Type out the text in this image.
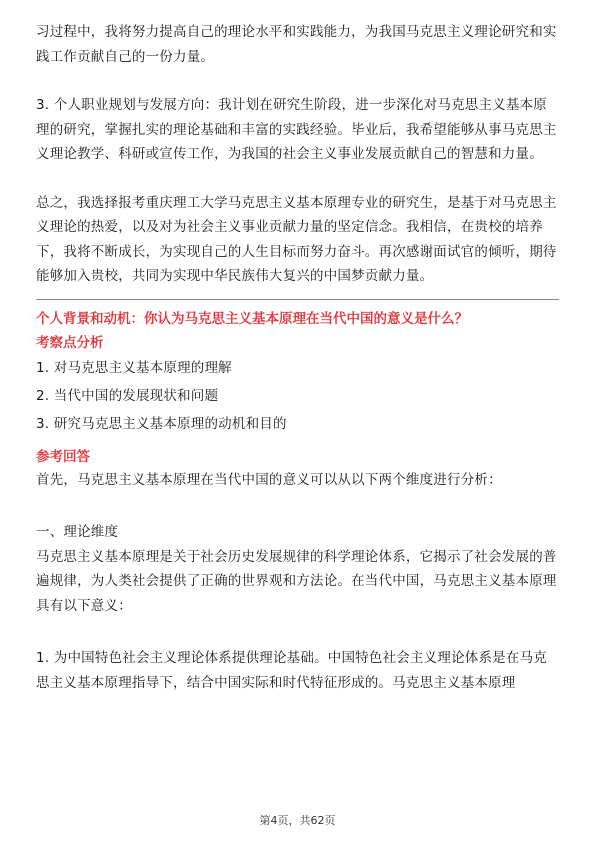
习过程中，我将努力提高自己的理论水平和实践能力，为我国马克思主义理论研究和实践工作贡献自己的一份力量。

3. 个人职业规划与发展方向：我计划在研究生阶段，进一步深化对马克思主义基本原理的研究，掌握扎实的理论基础和丰富的实践经验。毕业后，我希望能够从事马克思主义理论教学、科研或宣传工作，为我国的社会主义事业发展贡献自己的智慧和力量。

总之，我选择报考重庆理工大学马克思主义基本原理专业的研究生，是基于对马克思主义理论的热爱，以及对为社会主义事业贡献力量的坚定信念。我相信，在贵校的培养下，我将不断成长，为实现自己的人生目标而努力奋斗。再次感谢面试官的倾听，期待能够加入贵校，共同为实现中华民族伟大复兴的中国梦贡献力量。

个人背景和动机：你认为马克思主义基本原理在当代中国的意义是什么？
考察点分析

1. 对马克思主义基本原理的理解

2. 当代中国的发展现状和问题

3. 研究马克思主义基本原理的动机和目的

参考回答

首先，马克思主义基本原理在当代中国的意义可以从以下两个维度进行分析：

一、理论维度

马克思主义基本原理是关于社会历史发展规律的科学理论体系，它揭示了社会发展的普遍规律，为人类社会提供了正确的世界观和方法论。在当代中国，马克思主义基本原理具有以下意义：

1. 为中国特色社会主义理论体系提供理论基础。中国特色社会主义理论体系是在马克思主义基本原理指导下，结合中国实际和时代特征形成的。马克思主义基本原理

第4页，共62页
